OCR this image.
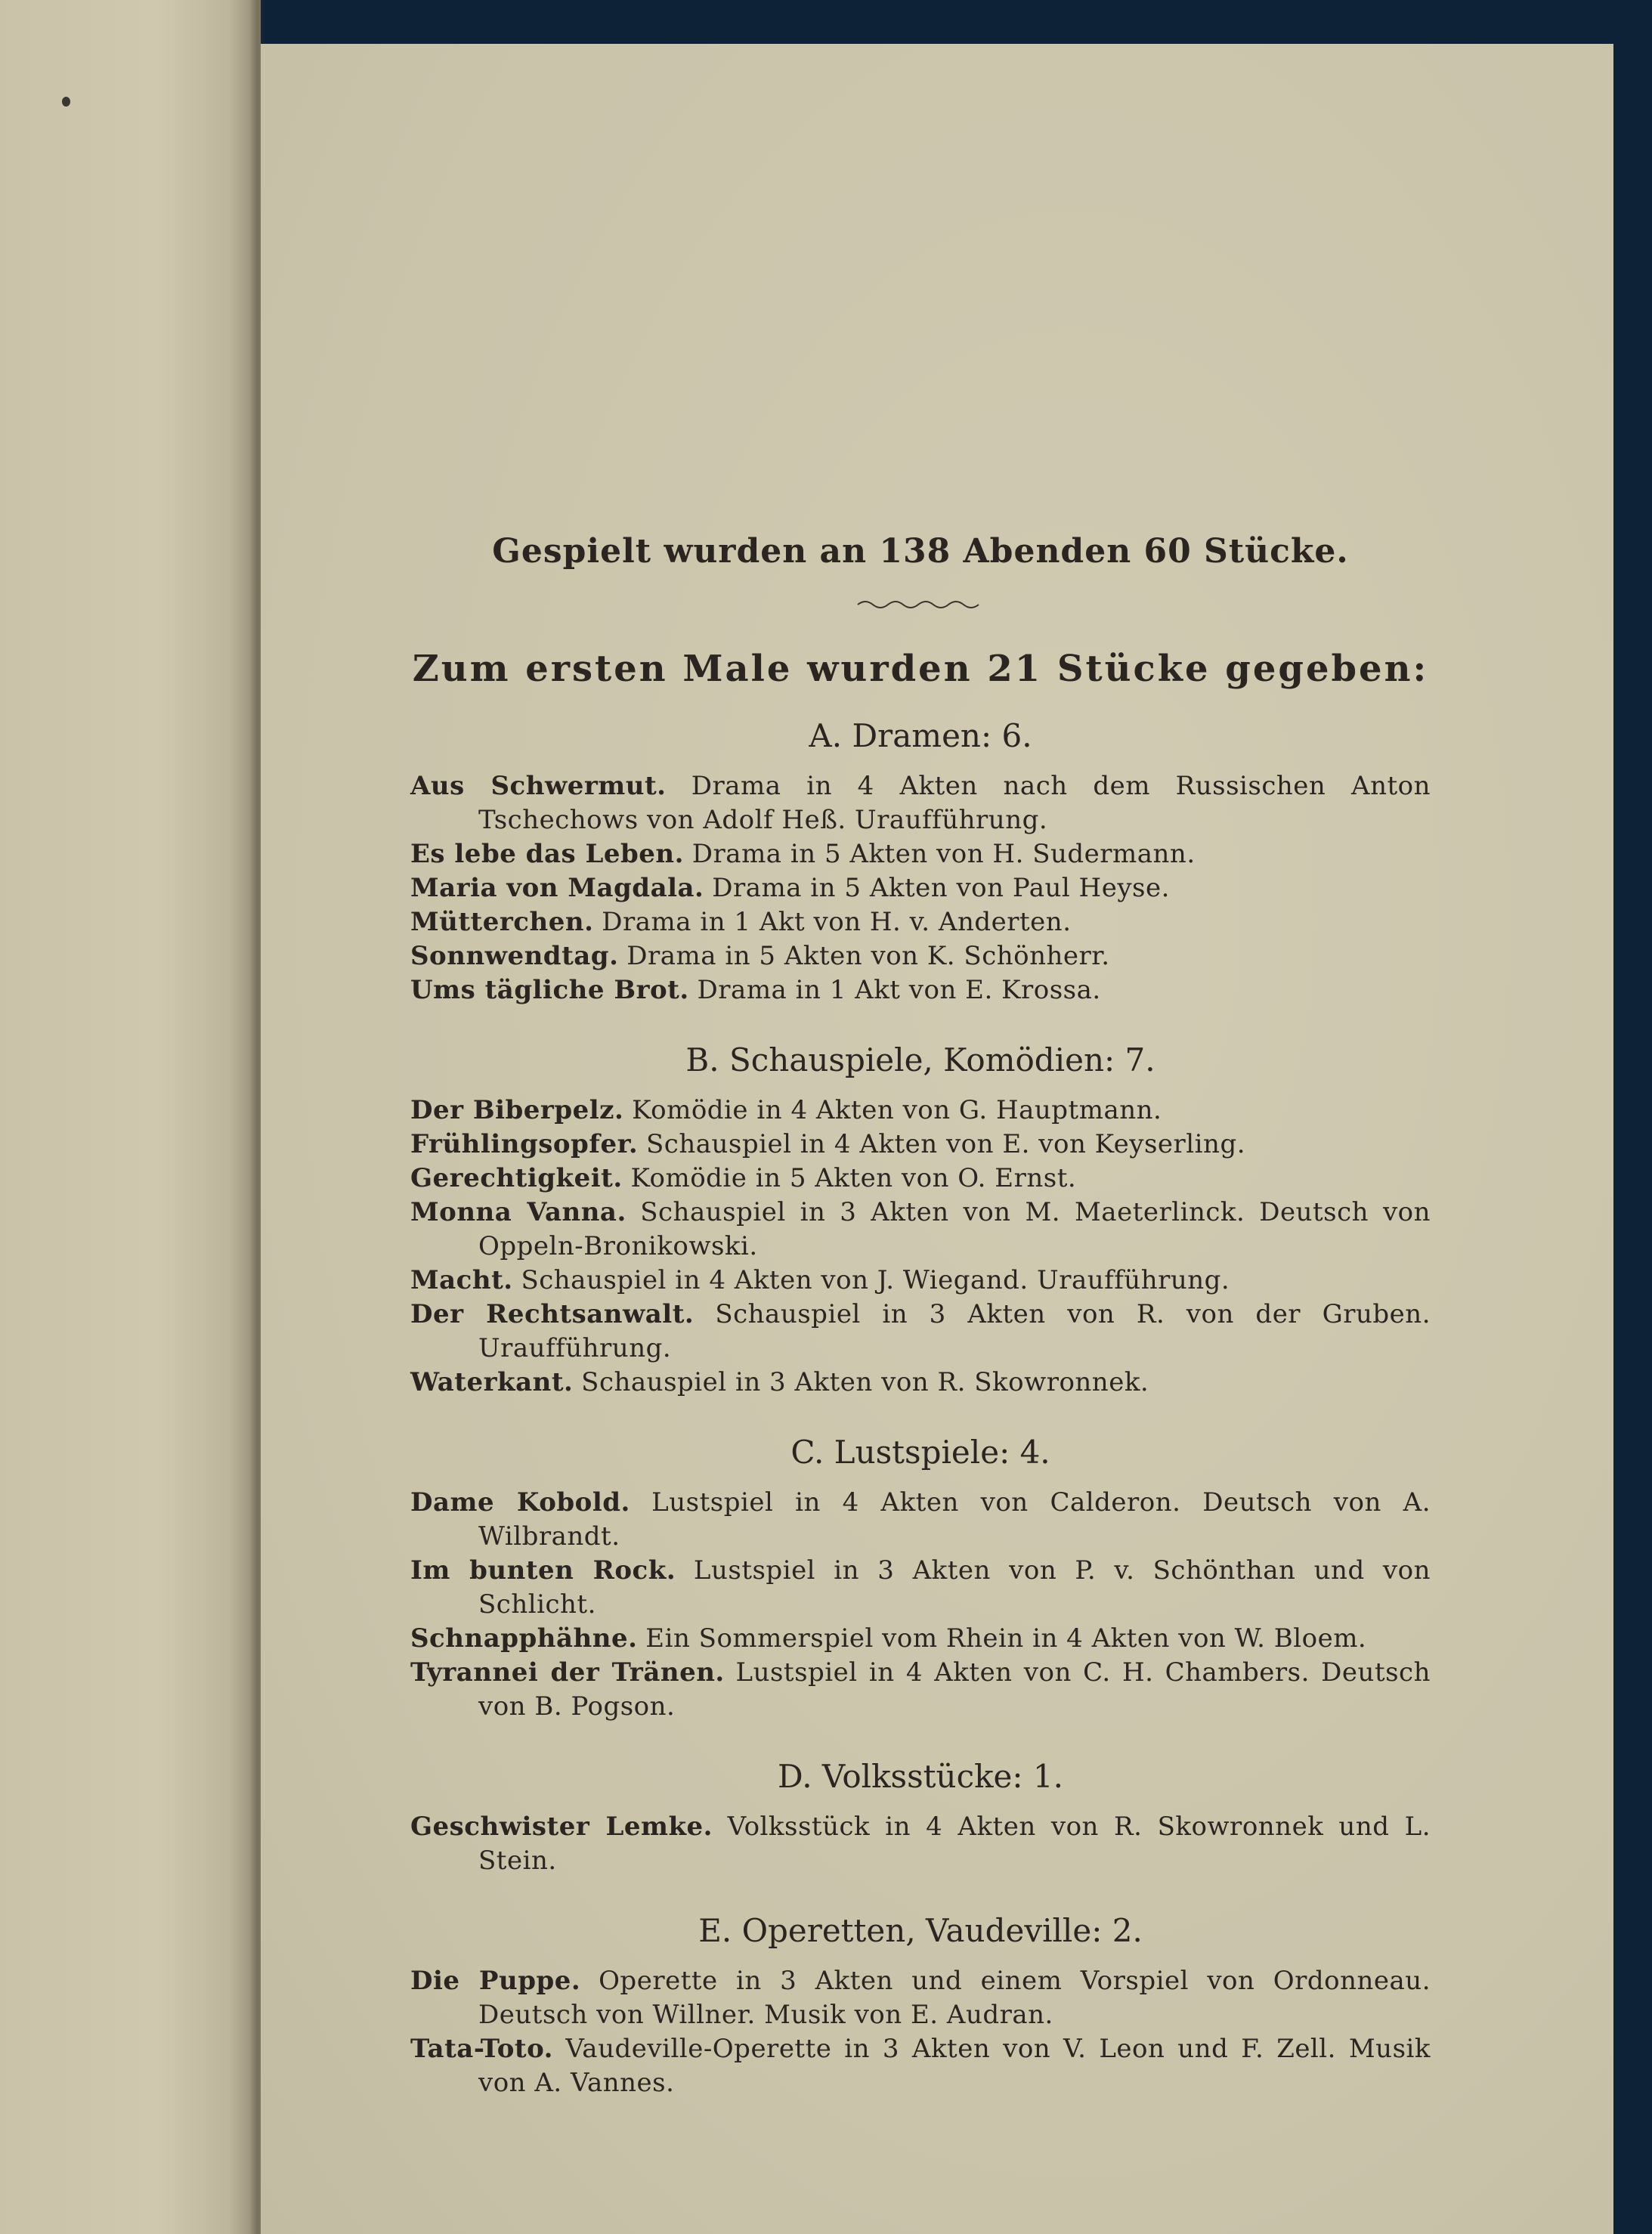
Gespielt wurden an 138 Abenden 60 Stücke.

Zum ersten Male wurden 21 Stücke gegeben:

A. Dramen: 6.

Aus Schwermut. Drama in 4 Akten nach dem Russischen Anton Tschechows von Adolf Heß. Uraufführung.
Es lebe das Leben. Drama in 5 Akten von H. Sudermann.
Maria von Magdala. Drama in 5 Akten von Paul Heyse.
Mütterchen. Drama in 1 Akt von H. v. Anderten.
Sonnwendtag. Drama in 5 Akten von K. Schönherr.
Ums tägliche Brot. Drama in 1 Akt von E. Krossa.

B. Schauspiele, Komödien: 7.

Der Biberpelz. Komödie in 4 Akten von G. Hauptmann.
Frühlingsopfer. Schauspiel in 4 Akten von E. von Keyserling.
Gerechtigkeit. Komödie in 5 Akten von O. Ernst.
Monna Vanna. Schauspiel in 3 Akten von M. Maeterlinck. Deutsch von Oppeln-Bronikowski.
Macht. Schauspiel in 4 Akten von J. Wiegand. Uraufführung.
Der Rechtsanwalt. Schauspiel in 3 Akten von R. von der Gruben. Uraufführung.
Waterkant. Schauspiel in 3 Akten von R. Skowronnek.

C. Lustspiele: 4.

Dame Kobold. Lustspiel in 4 Akten von Calderon. Deutsch von A. Wilbrandt.
Im bunten Rock. Lustspiel in 3 Akten von P. v. Schönthan und von Schlicht.
Schnapphähne. Ein Sommerspiel vom Rhein in 4 Akten von W. Bloem.
Tyrannei der Tränen. Lustspiel in 4 Akten von C. H. Chambers. Deutsch von B. Pogson.

D. Volksstücke: 1.

Geschwister Lemke. Volksstück in 4 Akten von R. Skowronnek und L. Stein.

E. Operetten, Vaudeville: 2.

Die Puppe. Operette in 3 Akten und einem Vorspiel von Ordonneau. Deutsch von Willner. Musik von E. Audran.
Tata-Toto. Vaudeville-Operette in 3 Akten von V. Leon und F. Zell. Musik von A. Vannes.
